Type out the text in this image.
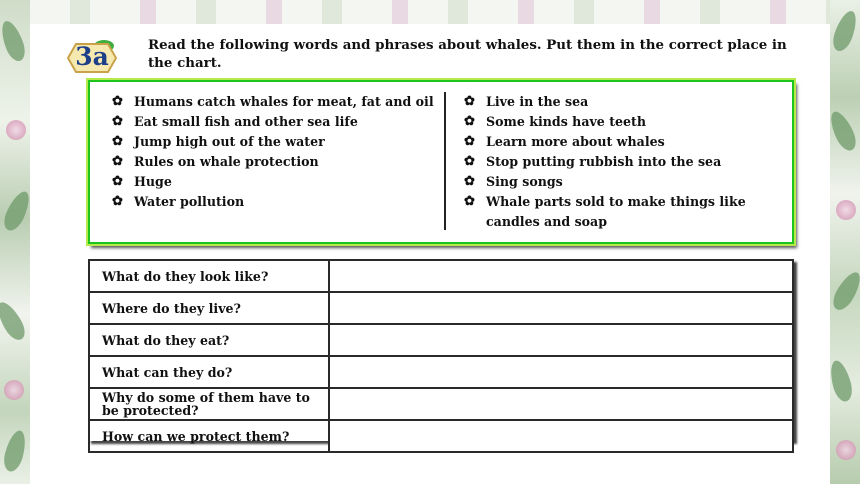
3a	Read the following words and phrases about whales. Put them in the correct place in the chart.
✿ Humans catch whales for meat, fat and oil
✿ Eat small fish and other sea life
✿ Jump high out of the water
✿ Rules on whale protection
✿ Huge
✿ Water pollution
✿ Live in the sea
✿ Some kinds have teeth
✿ Learn more about whales
✿ Stop putting rubbish into the sea
✿ Sing songs
✿ Whale parts sold to make things like candles and soap
What do they look like?	
Where do they live?	
What do they eat?	
What can they do?	
Why do some of them have to be protected?	
How can we protect them?	
